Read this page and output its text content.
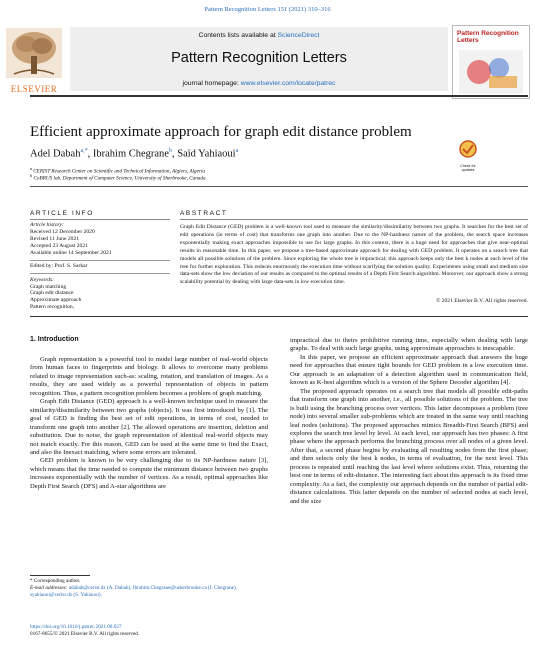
Pattern Recognition Letters 151 (2021) 310–316
ELSEVIER
Contents lists available at ScienceDirect
Pattern Recognition Letters
journal homepage: www.elsevier.com/locate/patrec
Pattern Recognition Letters
Efficient approximate approach for graph edit distance problem
Check for updates
Adel Dabah$^{a,*}$, Ibrahim Chegrane$^b$, Saïd Yahiaoui$^a$
$^a$ CERIST Research Center on Scientific and Technical Information, Algiers, Algeria
$^b$ CoBRUS lab, Department of Computer Science, University of Sherbrooke, Canada
ARTICLE INFO	ABSTRACT
Article history:
Received 12 December 2020
Revised 11 June 2021
Accepted 23 August 2021
Available online 14 September 2021
Edited by: Prof. S. Sarkar
Keywords:
Graph matching
Graph edit distance
Approximate approach
Pattern recognition,
Graph Edit Distance (GED) problem is a well-known tool used to measure the similarity/dissimilarity between two graphs. It searches for the best set of edit operations (in terms of cost) that transforms one graph into another. Due to the NP-hardness nature of the problem, the search space increases exponentially making exact approaches impossible to use for large graphs. In this context, there is a huge need for approaches that give near-optimal results in reasonable time. In this paper, we propose a tree-based approximate approach for dealing with GED problem. It operates on a search tree that models all possible solutions of the problem. Since exploring the whole tree is impractical; this approach keeps only the best k nodes at each level of the tree for further exploration. This reduces enormously the execution time without scarifying the solution quality. Experiments using small and medium size data-sets show the low deviation of our results as compared to the optimal results of a Depth First Search algorithm. Moreover, our approach show a strong scalability potential by dealing with large data-sets in low execution time.
© 2021 Elsevier B.V. All rights reserved.
1. Introduction

Graph representation is a powerful tool to model large number of real-world objects from human faces to fingerprints and biology. It allows to overcome many problems related to image representation such-as: scaling, rotation, and translation of images. As a results, they are used widely as a powerful representation of objects in pattern recognition. Thus, a pattern recognition problem becomes a problem of graph matching.

Graph Edit Distance (GED) approach is a well-known technique used to measure the similarity/dissimilarity between two graphs (objects). It was first introduced by [1]. The goal of GED is finding the best set of edit operations, in terms of cost, needed to transform one graph into another [2]. The allowed operations are insertion, deletion and substitution. Due to noise, the graph representation of identical real-world objects may not match exactly. For this reason, GED can be used at the same time to find the Exact, and also the Inexact matching, where some errors are tolerated.

GED problem is known to be very challenging due to its NP-hardness nature [3], which means that the time needed to compute the minimum distance between two graphs increases exponentially with the number of vertices. As a result, optimal approaches like Depth First Search (DFS) and A-star algorithms are

impractical due to theirs prohibitive running time, especially when dealing with large graphs. To deal with such large graphs, using approximate approaches is inescapable.

In this paper, we propose an efficient approximate approach that answers the huge need for approaches that ensure tight bounds for GED problem in a low execution time. Our approach is an adaptation of a detection algorithm used in communication field, known as K-best algorithm which is a version of the Sphere Decoder algorithm [4].

The proposed approach operates on a search tree that models all possible edit-paths that transform one graph into another, i.e., all possible solutions of the problem. The tree is built using the branching process over vertices. This latter decomposes a problem (tree node) into several smaller sub-problems which are treated in the same way until reaching leaf nodes (solutions). The proposed approaches mimics Breadth-First Search (BFS) and explores the search tree level by level. At each level, our approach has two phases: A first phase where the approach performs the branching process over all nodes of a given level. After that, a second phase begins by evaluating all resulting nodes from the first phase; and then selects only the best k nodes, in terms of evaluation, for the next level. This process is repeated until reaching the last level where solutions exist. Thus, returning the best one in terms of edit-distance. The interesting fact about this approach is its fixed time complexity. As a fact, the complexity our approach depends on the number of partial edit-distance calculations. This latter depends on the number of selected nodes at each level, and the size

* Corresponding author.
E-mail addresses: adabah@cerist.dz (A. Dabah), Ibrahim.Chegrane@usherbrooke.ca (I. Chegrane), syahiaoui@cerist.dz (S. Yahiaoui).
https://doi.org/10.1016/j.patrec.2021.08.027
0167-8655/© 2021 Elsevier B.V. All rights reserved.
